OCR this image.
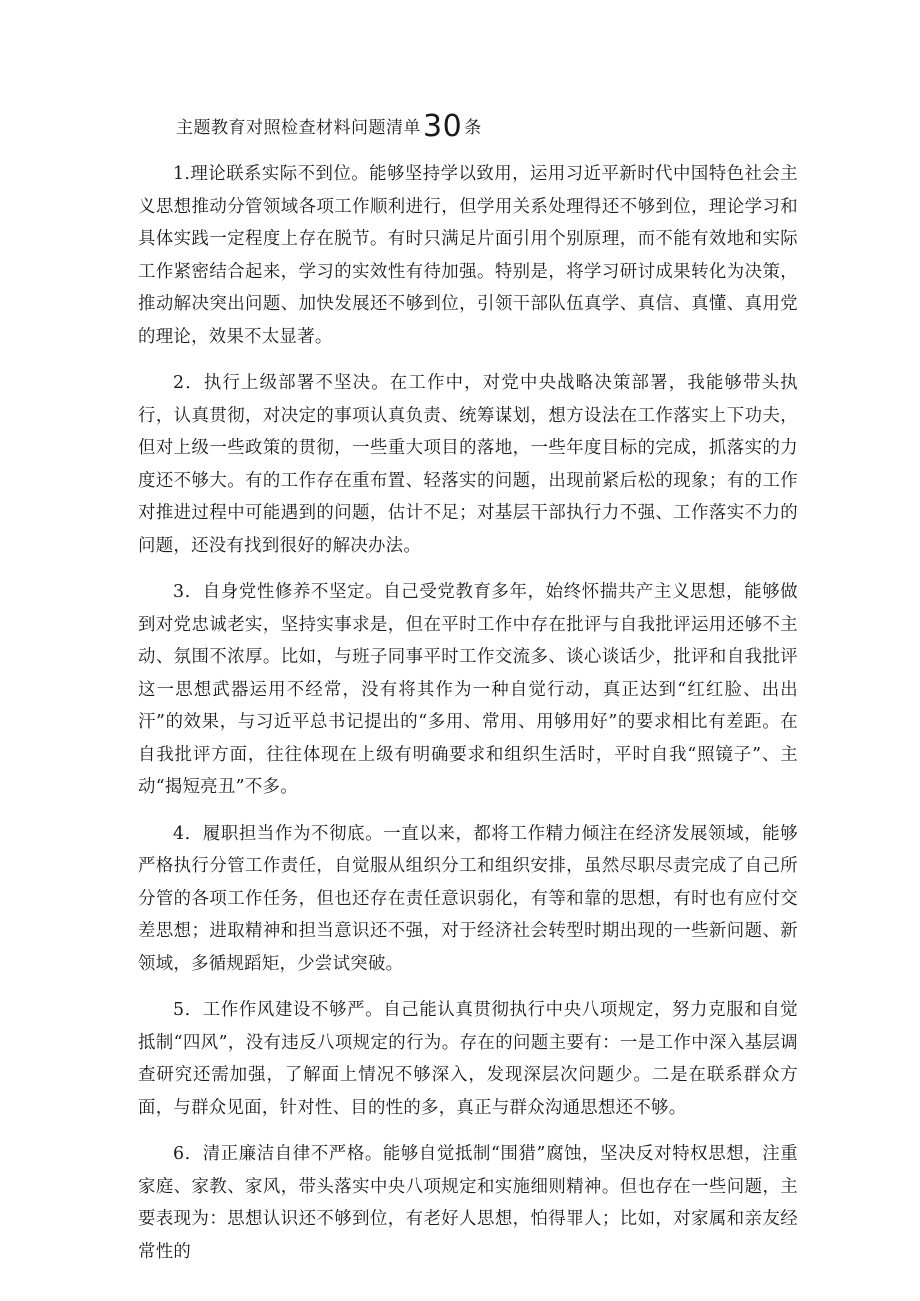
主题教育对照检查材料问题清单30 条

1.理论联系实际不到位。能够坚持学以致用，运用习近平新时代中国特色社会主义思想推动分管领域各项工作顺利进行，但学用关系处理得还不够到位，理论学习和具体实践一定程度上存在脱节。有时只满足片面引用个别原理，而不能有效地和实际工作紧密结合起来，学习的实效性有待加强。特别是，将学习研讨成果转化为决策，推动解决突出问题、加快发展还不够到位，引领干部队伍真学、真信、真懂、真用党的理论，效果不太显著。

2．执行上级部署不坚决。在工作中，对党中央战略决策部署，我能够带头执行，认真贯彻，对决定的事项认真负责、统筹谋划，想方设法在工作落实上下功夫，但对上级一些政策的贯彻，一些重大项目的落地，一些年度目标的完成，抓落实的力度还不够大。有的工作存在重布置、轻落实的问题，出现前紧后松的现象；有的工作对推进过程中可能遇到的问题，估计不足；对基层干部执行力不强、工作落实不力的问题，还没有找到很好的解决办法。

3．自身党性修养不坚定。自己受党教育多年，始终怀揣共产主义思想，能够做到对党忠诚老实，坚持实事求是，但在平时工作中存在批评与自我批评运用还够不主动、氛围不浓厚。比如，与班子同事平时工作交流多、谈心谈话少，批评和自我批评这一思想武器运用不经常，没有将其作为一种自觉行动，真正达到“红红脸、出出汗”的效果，与习近平总书记提出的“多用、常用、用够用好”的要求相比有差距。在自我批评方面，往往体现在上级有明确要求和组织生活时，平时自我“照镜子”、主动“揭短亮丑”不多。

4．履职担当作为不彻底。一直以来，都将工作精力倾注在经济发展领域，能够严格执行分管工作责任，自觉服从组织分工和组织安排，虽然尽职尽责完成了自己所分管的各项工作任务，但也还存在责任意识弱化，有等和靠的思想，有时也有应付交差思想；进取精神和担当意识还不强，对于经济社会转型时期出现的一些新问题、新领域，多循规蹈矩，少尝试突破。

5．工作作风建设不够严。自己能认真贯彻执行中央八项规定，努力克服和自觉抵制“四风”，没有违反八项规定的行为。存在的问题主要有：一是工作中深入基层调查研究还需加强，了解面上情况不够深入，发现深层次问题少。二是在联系群众方面，与群众见面，针对性、目的性的多，真正与群众沟通思想还不够。

6．清正廉洁自律不严格。能够自觉抵制“围猎”腐蚀，坚决反对特权思想，注重家庭、家教、家风，带头落实中央八项规定和实施细则精神。但也存在一些问题，主要表现为：思想认识还不够到位，有老好人思想，怕得罪人；比如，对家属和亲友经常性的
